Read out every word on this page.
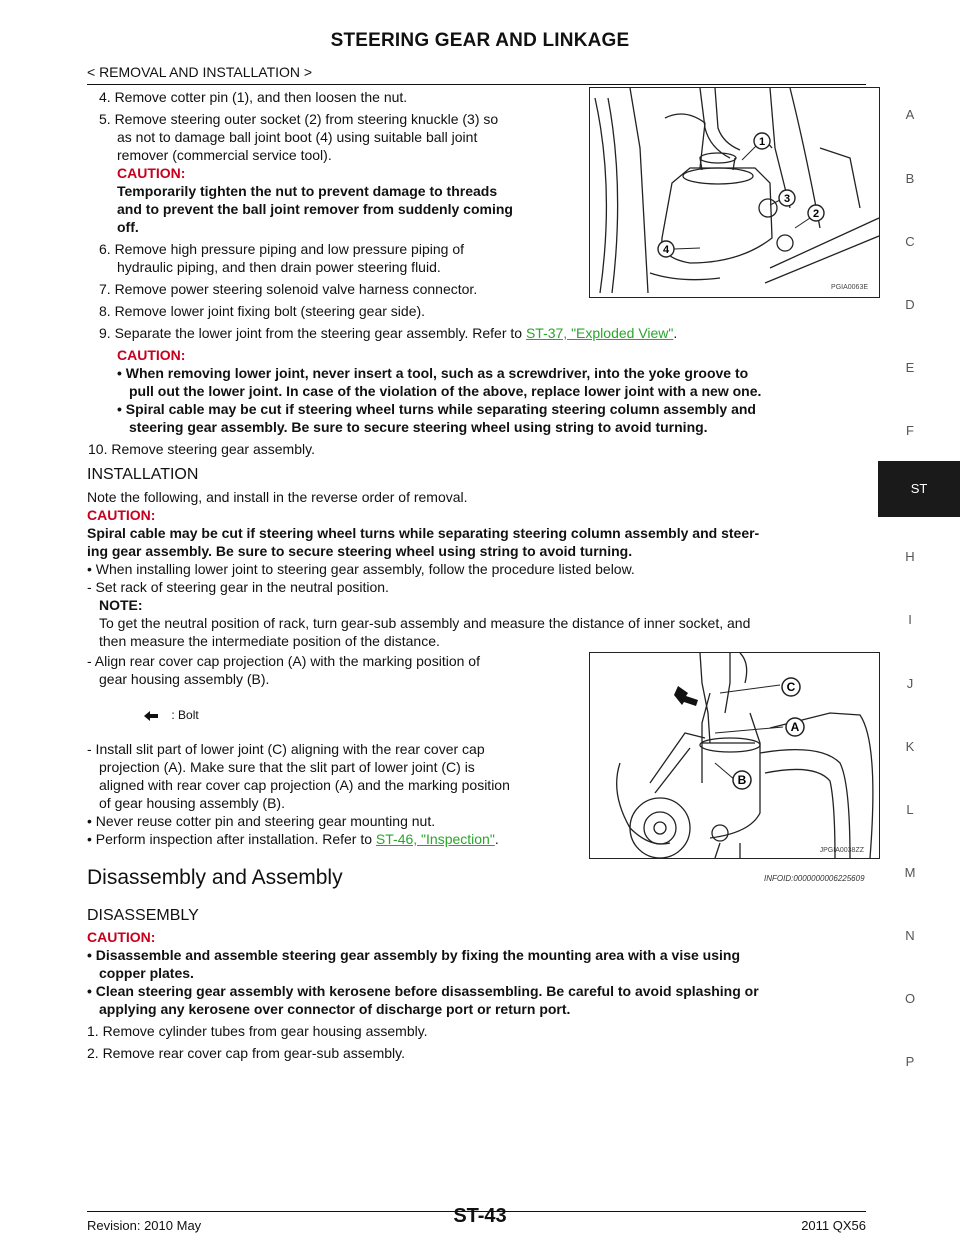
STEERING GEAR AND LINKAGE
< REMOVAL AND INSTALLATION >
A
B
C
D
E
F
ST
H
I
J
K
L
M
N
O
P
4. Remove cotter pin (1), and then loosen the nut.
5. Remove steering outer socket (2) from steering knuckle (3) so
as not to damage ball joint boot (4) using suitable ball joint
remover (commercial service tool).
CAUTION:
Temporarily tighten the nut to prevent damage to threads
and to prevent the ball joint remover from suddenly coming
off.
6. Remove high pressure piping and low pressure piping of
hydraulic piping, and then drain power steering fluid.
7. Remove power steering solenoid valve harness connector.
8. Remove lower joint fixing bolt (steering gear side).
9. Separate the lower joint from the steering gear assembly. Refer to ST-37, "Exploded View".
CAUTION:
• When removing lower joint, never insert a tool, such as a screwdriver, into the yoke groove to
pull out the lower joint. In case of the violation of the above, replace lower joint with a new one.
• Spiral cable may be cut if steering wheel turns while separating steering column assembly and
steering gear assembly. Be sure to secure steering wheel using string to avoid turning.
10. Remove steering gear assembly.
1
2
3
4
PGIA0063E
INSTALLATION
Note the following, and install in the reverse order of removal.
CAUTION:
Spiral cable may be cut if steering wheel turns while separating steering column assembly and steer-
ing gear assembly. Be sure to secure steering wheel using string to avoid turning.
• When installing lower joint to steering gear assembly, follow the procedure listed below.
- Set rack of steering gear in the neutral position.
NOTE:
To get the neutral position of rack, turn gear-sub assembly and measure the distance of inner socket, and
then measure the intermediate position of the distance.
- Align rear cover cap projection (A) with the marking position of
gear housing assembly (B).
: Bolt
- Install slit part of lower joint (C) aligning with the rear cover cap
projection (A). Make sure that the slit part of lower joint (C) is
aligned with rear cover cap projection (A) and the marking position
of gear housing assembly (B).
• Never reuse cotter pin and steering gear mounting nut.
• Perform inspection after installation. Refer to ST-46, "Inspection".
C
A
B
JPGIA0038ZZ
Disassembly and Assembly	INFOID:0000000006225609
DISASSEMBLY
CAUTION:
• Disassemble and assemble steering gear assembly by fixing the mounting area with a vise using
copper plates.
• Clean steering gear assembly with kerosene before disassembling. Be careful to avoid splashing or
applying any kerosene over connector of discharge port or return port.
1. Remove cylinder tubes from gear housing assembly.
2. Remove rear cover cap from gear-sub assembly.
Revision: 2010 May	ST-43	2011 QX56
